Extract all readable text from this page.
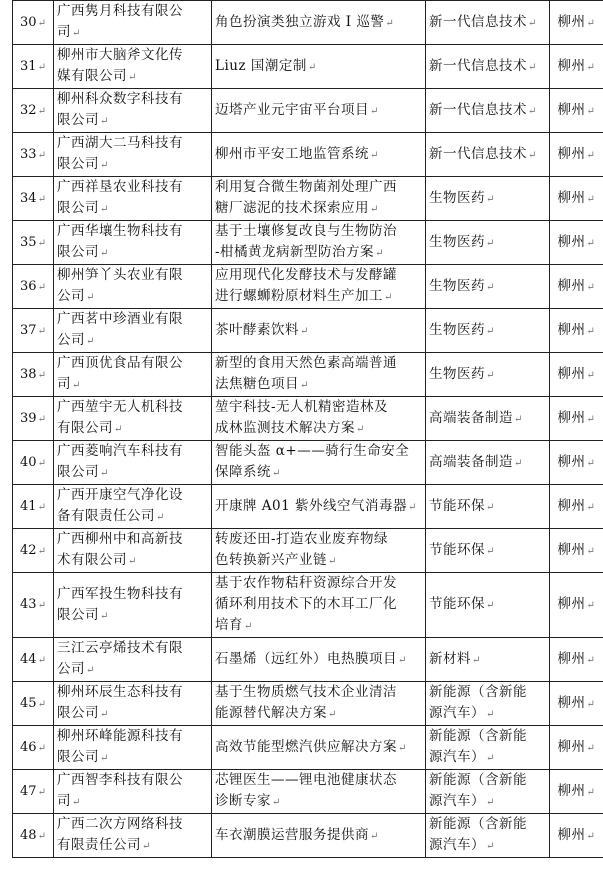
30↵	广西隽月科技有限公
司↵	角色扮演类独立游戏 I 巡警↵	新一代信息技术↵	柳州↵
31↵	柳州市大脑斧文化传
媒有限公司↵	Liuz 国潮定制↵	新一代信息技术↵	柳州↵
32↵	柳州科众数字科技有
限公司↵	迈塔产业元宇宙平台项目↵	新一代信息技术↵	柳州↵
33↵	广西湖大二马科技有
限公司↵	柳州市平安工地监管系统↵	新一代信息技术↵	柳州↵
34↵	广西祥垦农业科技有
限公司↵	利用复合微生物菌剂处理广西
糖厂滤泥的技术探索应用↵	生物医药↵	柳州↵
35↵	广西华壤生物科技有
限公司↵	基于土壤修复改良与生物防治
-柑橘黄龙病新型防治方案↵	生物医药↵	柳州↵
36↵	柳州笋丫头农业有限
公司↵	应用现代化发酵技术与发酵罐
进行螺蛳粉原材料生产加工↵	生物医药↵	柳州↵
37↵	广西茗中珍酒业有限
公司↵	茶叶酵素饮料↵	生物医药↵	柳州↵
38↵	广西顶优食品有限公
司↵	新型的食用天然色素高端普通
法焦糖色项目↵	生物医药↵	柳州↵
39↵	广西堃宇无人机科技
有限公司↵	堃宇科技-无人机精密造林及
成林监测技术解决方案↵	高端装备制造↵	柳州↵
40↵	广西菱响汽车科技有
限公司↵	智能头盔 α+——骑行生命安全
保障系统↵	高端装备制造↵	柳州↵
41↵	广西开康空气净化设
备有限责任公司↵	开康牌 A01 紫外线空气消毒器↵	节能环保↵	柳州↵
42↵	广西柳州中和高新技
术有限公司↵	转废还田-打造农业废弃物绿
色转换新兴产业链↵	节能环保↵	柳州↵
43↵	广西军投生物科技有
限公司↵	基于农作物秸秆资源综合开发
循环利用技术下的木耳工厂化
培育↵	节能环保↵	柳州↵
44↵	三江云亭烯技术有限
公司↵	石墨烯（远红外）电热膜项目↵	新材料↵	柳州↵
45↵	柳州环辰生态科技有
限公司↵	基于生物质燃气技术企业清洁
能源替代解决方案↵	新能源（含新能
源汽车）↵	柳州↵
46↵	柳州环峰能源科技有
限公司↵	高效节能型燃汽供应解决方案↵	新能源（含新能
源汽车）↵	柳州↵
47↵	广西智李科技有限公
司↵	芯锂医生——锂电池健康状态
诊断专家↵	新能源（含新能
源汽车）↵	柳州↵
48↵	广西二次方网络科技
有限责任公司↵	车衣潮膜运营服务提供商↵	新能源（含新能
源汽车）↵	柳州↵
